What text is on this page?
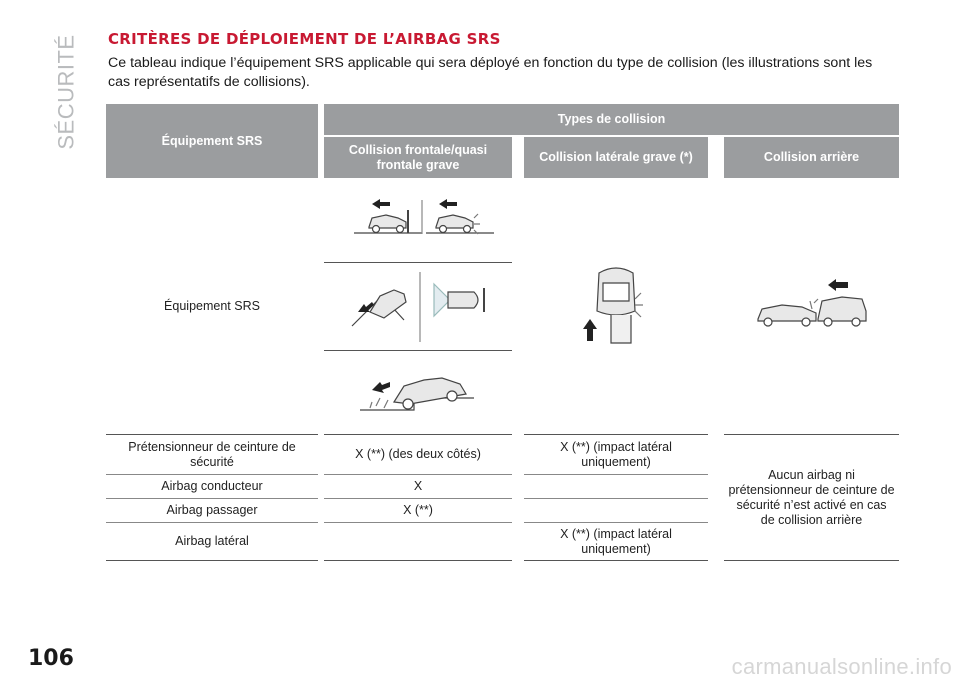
SÉCURITÉ CRITÈRES DE DÉPLOIEMENT DE L’AIRBAG SRS

Ce tableau indique l’équipement SRS applicable qui sera déployé en fonction du type de collision (les illustrations sont les cas représentatifs de collisions).

Équipement SRS		Types de collision				
		Collision frontale/quasi frontale grave		Collision latérale grave (*)		Collision arrière
Équipement SRS		

Prétensionneur de ceinture de sécurité		X (**) (des deux côtés)		X (**) (impact latéral uniquement)		Aucun airbag ni prétensionneur de ceinture de sécurité n’est activé en cas de collision arrière
Airbag conducteur		X				
Airbag passager		X (**)				
Airbag latéral				X (**) (impact latéral uniquement)		
106	carmanualsonline.info
